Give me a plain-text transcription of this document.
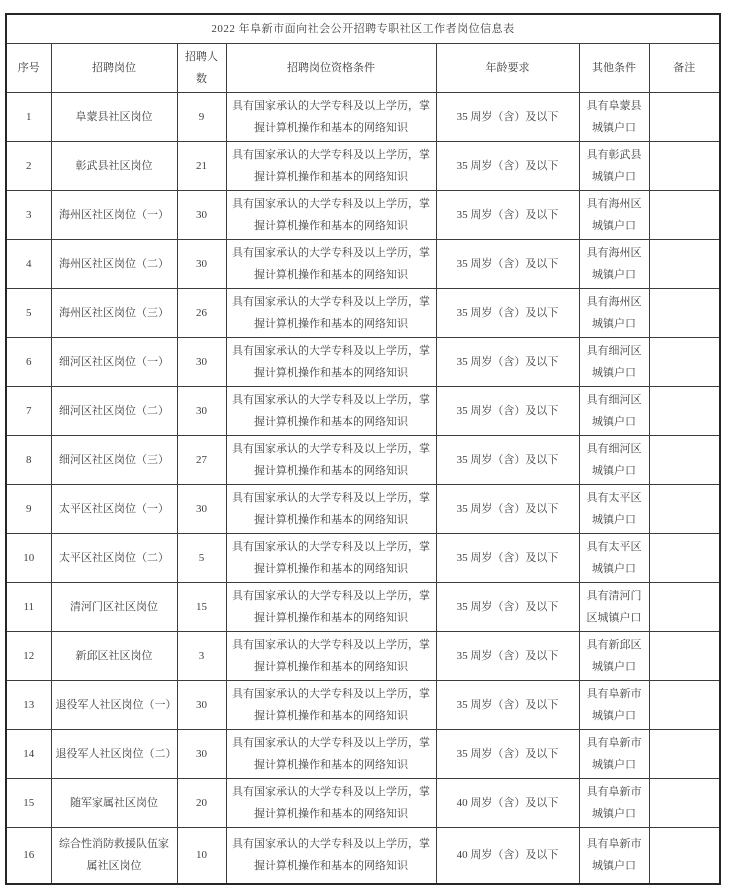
2022 年阜新市面向社会公开招聘专职社区工作者岗位信息表						
序号	招聘岗位	招聘人数	招聘岗位资格条件	年龄要求	其他条件	备注
1	阜蒙县社区岗位	9	具有国家承认的大学专科及以上学历，掌握计算机操作和基本的网络知识	35 周岁（含）及以下	具有阜蒙县城镇户口	
2	彰武县社区岗位	21	具有国家承认的大学专科及以上学历，掌握计算机操作和基本的网络知识	35 周岁（含）及以下	具有彰武县城镇户口	
3	海州区社区岗位（一）	30	具有国家承认的大学专科及以上学历，掌握计算机操作和基本的网络知识	35 周岁（含）及以下	具有海州区城镇户口	
4	海州区社区岗位（二）	30	具有国家承认的大学专科及以上学历，掌握计算机操作和基本的网络知识	35 周岁（含）及以下	具有海州区城镇户口	
5	海州区社区岗位（三）	26	具有国家承认的大学专科及以上学历，掌握计算机操作和基本的网络知识	35 周岁（含）及以下	具有海州区城镇户口	
6	细河区社区岗位（一）	30	具有国家承认的大学专科及以上学历，掌握计算机操作和基本的网络知识	35 周岁（含）及以下	具有细河区城镇户口	
7	细河区社区岗位（二）	30	具有国家承认的大学专科及以上学历，掌握计算机操作和基本的网络知识	35 周岁（含）及以下	具有细河区城镇户口	
8	细河区社区岗位（三）	27	具有国家承认的大学专科及以上学历，掌握计算机操作和基本的网络知识	35 周岁（含）及以下	具有细河区城镇户口	
9	太平区社区岗位（一）	30	具有国家承认的大学专科及以上学历，掌握计算机操作和基本的网络知识	35 周岁（含）及以下	具有太平区城镇户口	
10	太平区社区岗位（二）	5	具有国家承认的大学专科及以上学历，掌握计算机操作和基本的网络知识	35 周岁（含）及以下	具有太平区城镇户口	
11	清河门区社区岗位	15	具有国家承认的大学专科及以上学历，掌握计算机操作和基本的网络知识	35 周岁（含）及以下	具有清河门区城镇户口	
12	新邱区社区岗位	3	具有国家承认的大学专科及以上学历，掌握计算机操作和基本的网络知识	35 周岁（含）及以下	具有新邱区城镇户口	
13	退役军人社区岗位（一）	30	具有国家承认的大学专科及以上学历，掌握计算机操作和基本的网络知识	35 周岁（含）及以下	具有阜新市城镇户口	
14	退役军人社区岗位（二）	30	具有国家承认的大学专科及以上学历，掌握计算机操作和基本的网络知识	35 周岁（含）及以下	具有阜新市城镇户口	
15	随军家属社区岗位	20	具有国家承认的大学专科及以上学历，掌握计算机操作和基本的网络知识	40 周岁（含）及以下	具有阜新市城镇户口	
16	综合性消防救援队伍家属社区岗位	10	具有国家承认的大学专科及以上学历，掌握计算机操作和基本的网络知识	40 周岁（含）及以下	具有阜新市城镇户口	
